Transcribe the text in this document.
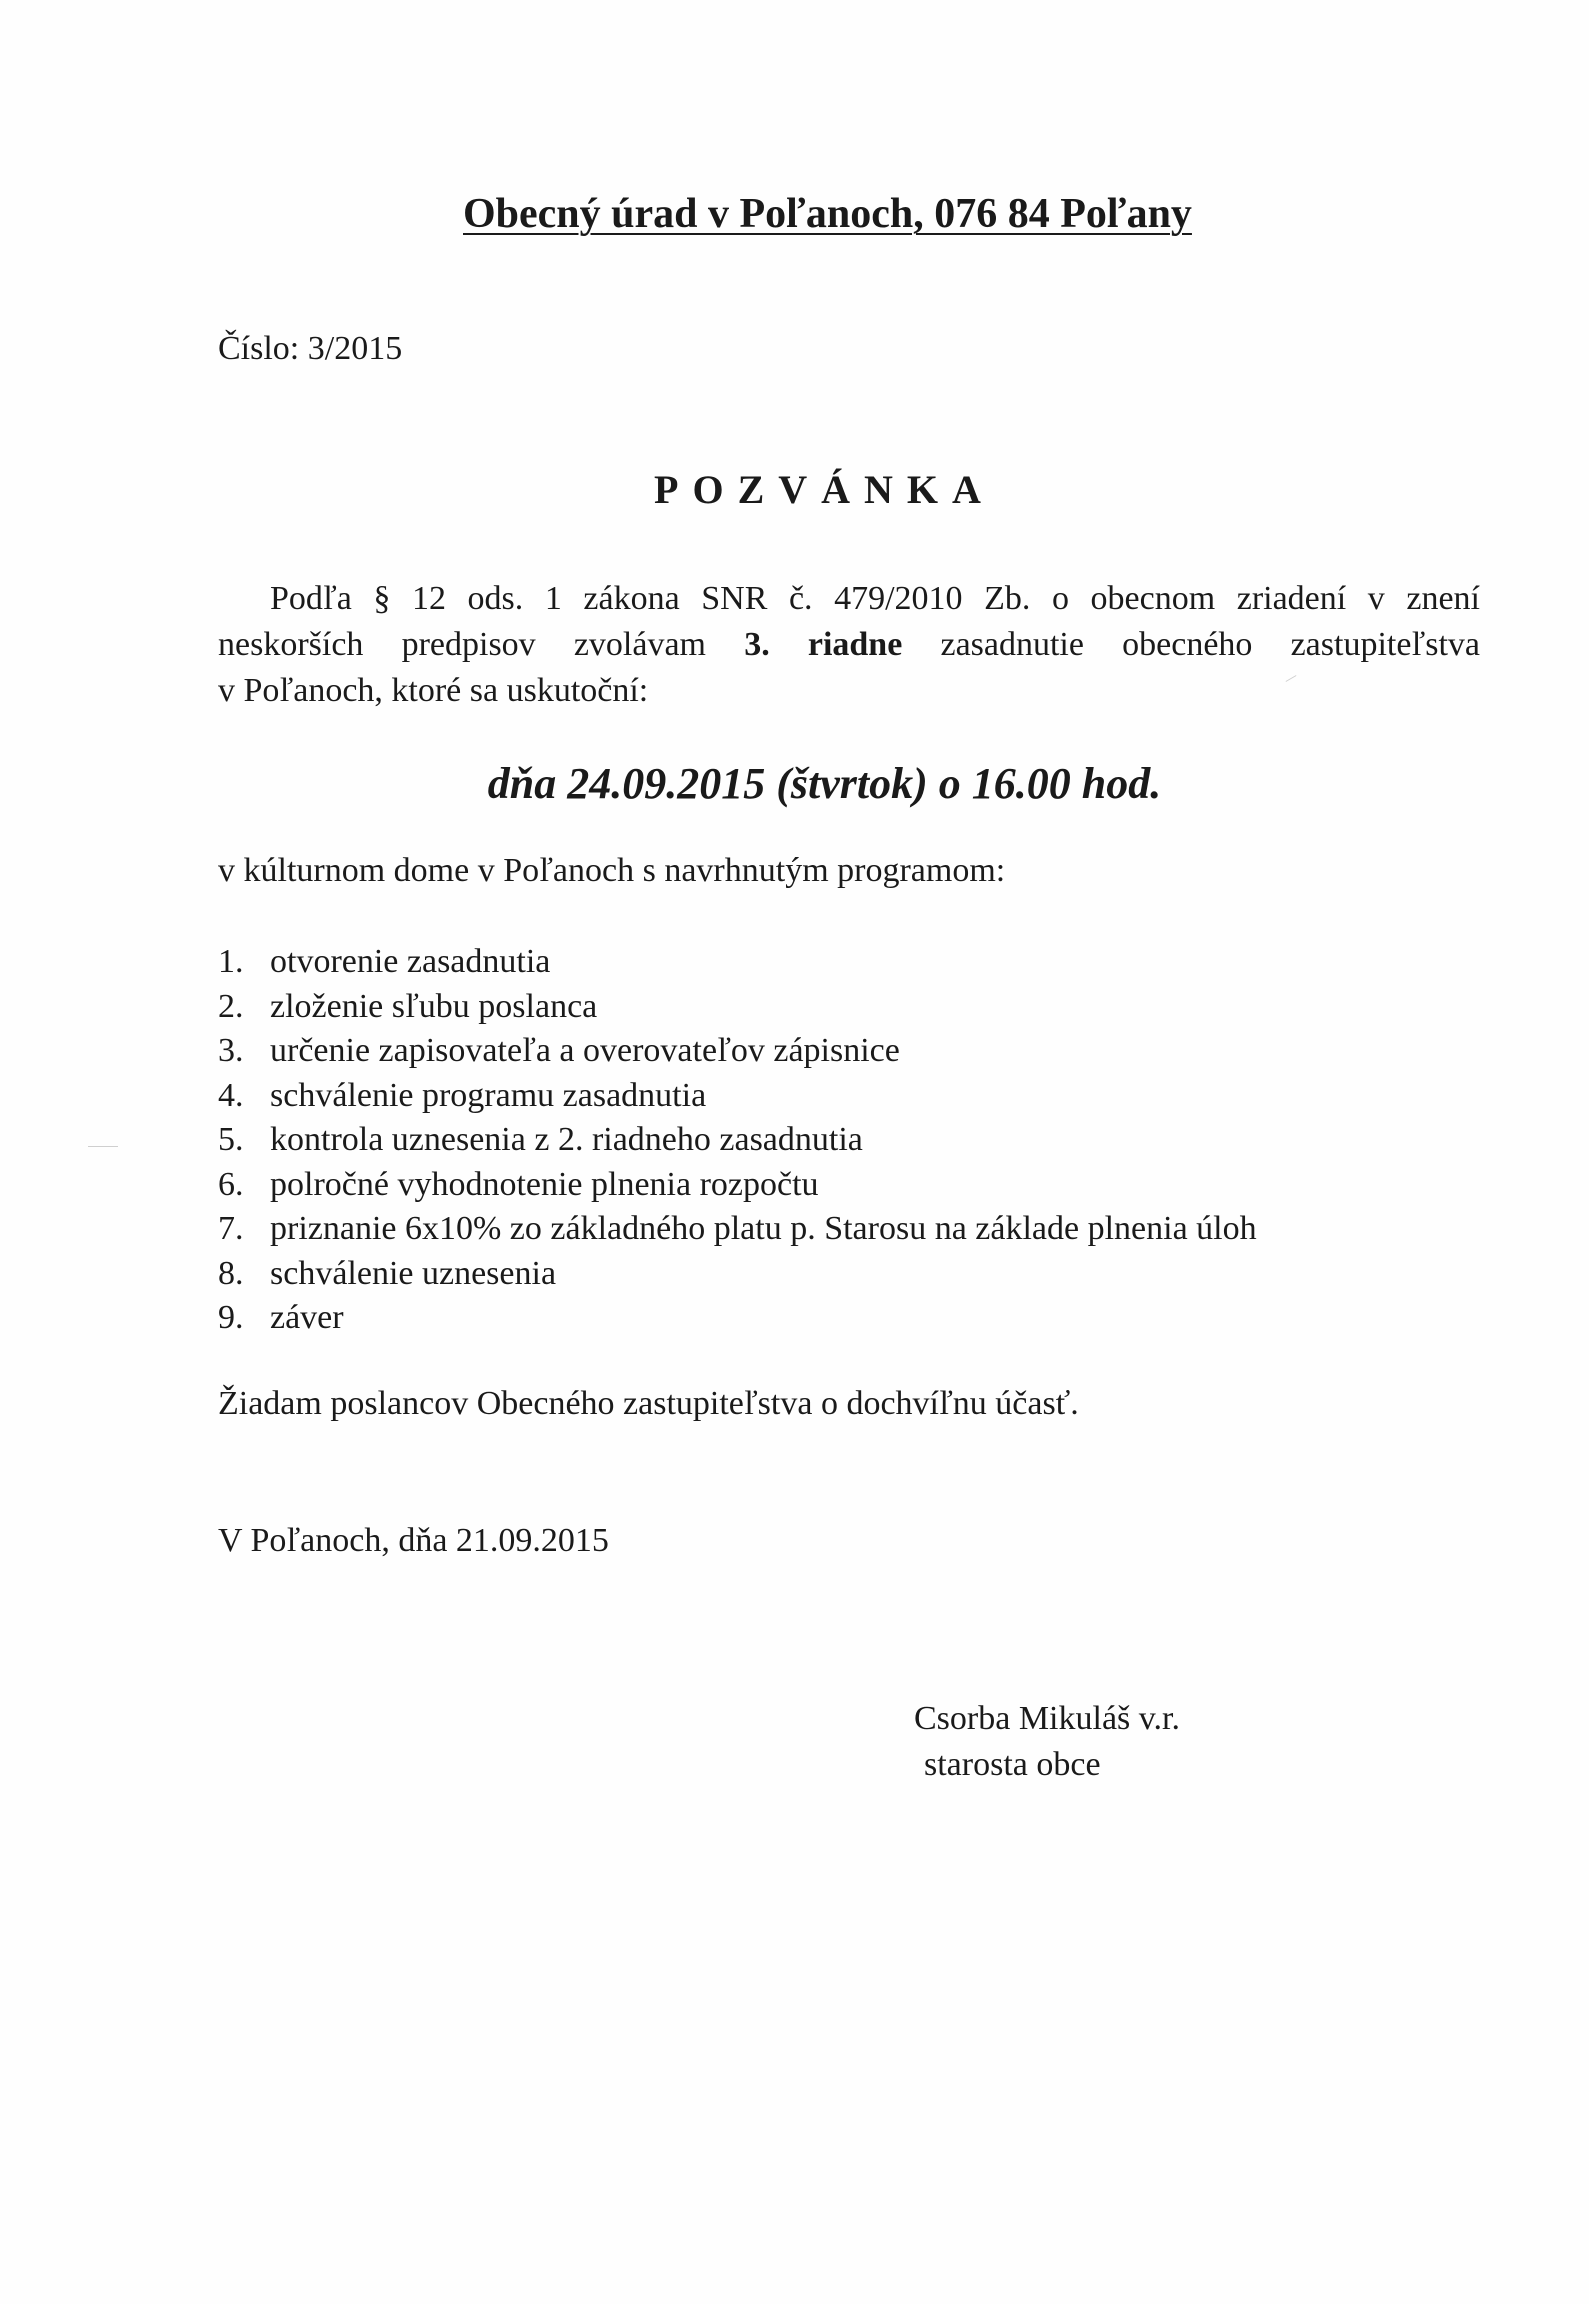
Obecný úrad v Poľanoch, 076 84 Poľany
Číslo: 3/2015
POZVÁNKA
Podľa § 12 ods. 1 zákona SNR č. 479/2010 Zb. o obecnom zriadení v znení
neskorších predpisov zvolávam 3. riadne zasadnutie obecného zastupiteľstva
v Poľanoch, ktoré sa uskutoční:
dňa 24.09.2015 (štvrtok) o 16.00 hod.
v kúlturnom dome v Poľanoch s navrhnutým programom:
1. otvorenie zasadnutia
2. zloženie sľubu poslanca
3. určenie zapisovateľa a overovateľov zápisnice
4. schválenie programu zasadnutia
5. kontrola uznesenia z 2. riadneho zasadnutia
6. polročné vyhodnotenie plnenia rozpočtu
7. priznanie 6x10% zo základného platu p. Starosu na základe plnenia úloh
8. schválenie uznesenia
9. záver
Žiadam poslancov Obecného zastupiteľstva o dochvíľnu účasť.
V Poľanoch, dňa 21.09.2015
Csorba Mikuláš v.r.
starosta obce
